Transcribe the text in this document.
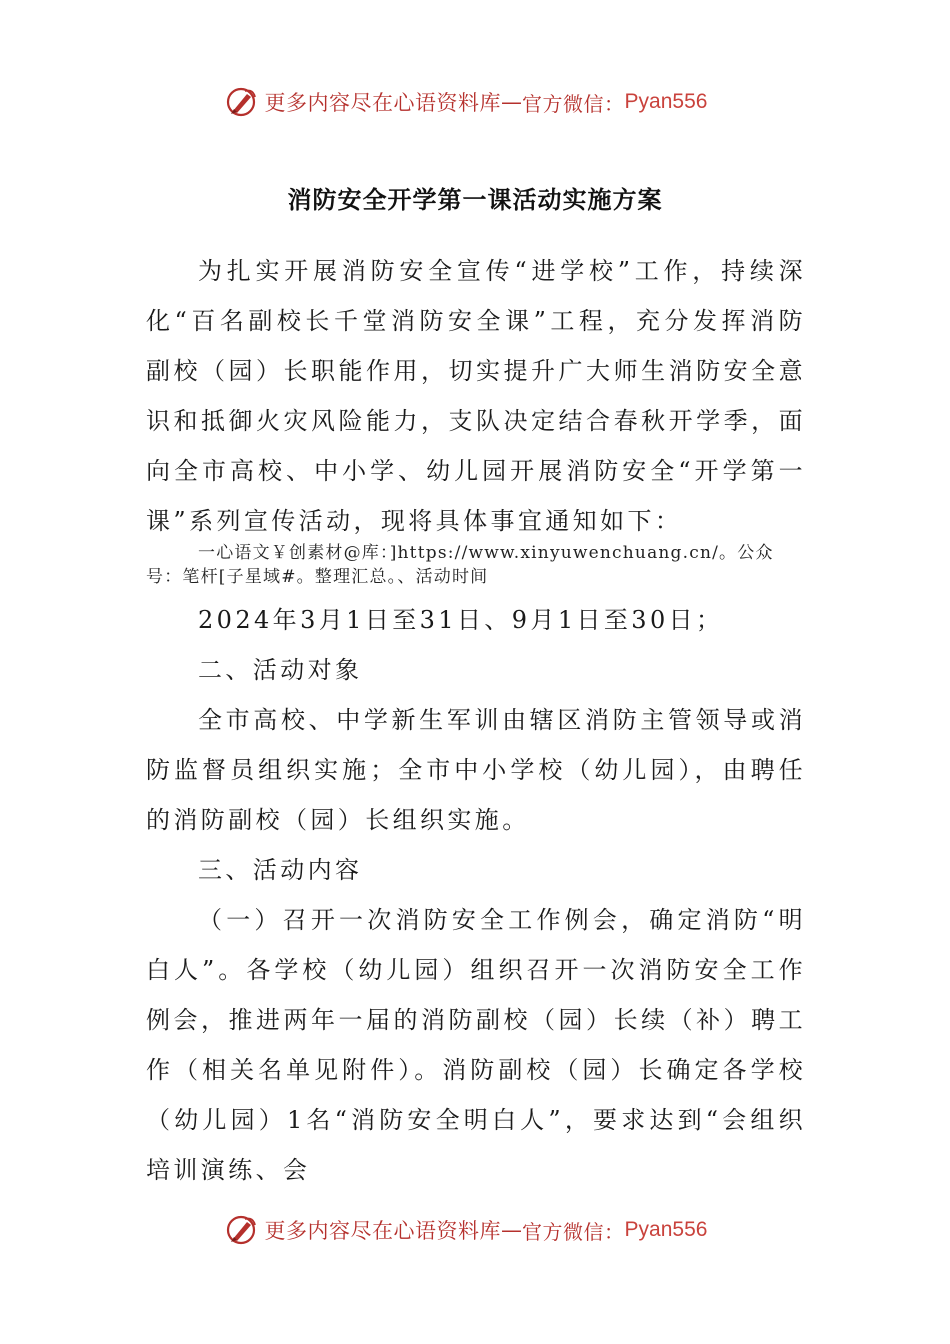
更多内容尽在心语资料库 — 官方微信： Pyan556
消防安全开学第一课活动实施方案

为扎实开展消防安全宣传“进学校”工作，持续深化“百名副校长千堂消防安全课”工程，充分发挥消防副校（园）长职能作用，切实提升广大师生消防安全意识和抵御火灾风险能力，支队决定结合春秋开学季，面向全市高校、中小学、幼儿园开展消防安全“开学第一课”系列宣传活动，现将具体事宜通知如下：

一心语文￥创素材@库：]https://www.xinyuwenchuang.cn/。公众号：笔杆[子星域#。整理汇总。、活动时间

2024年3月1日至31日、9月1日至30日；

二、活动对象

全市高校、中学新生军训由辖区消防主管领导或消防监督员组织实施；全市中小学校（幼儿园），由聘任的消防副校（园）长组织实施。

三、活动内容

（一）召开一次消防安全工作例会，确定消防“明白人”。各学校（幼儿园）组织召开一次消防安全工作例会，推进两年一届的消防副校（园）长续（补）聘工作（相关名单见附件）。消防副校（园）长确定各学校（幼儿园）1名“消防安全明白人”，要求达到“会组织培训演练、会

更多内容尽在心语资料库 — 官方微信： Pyan556
